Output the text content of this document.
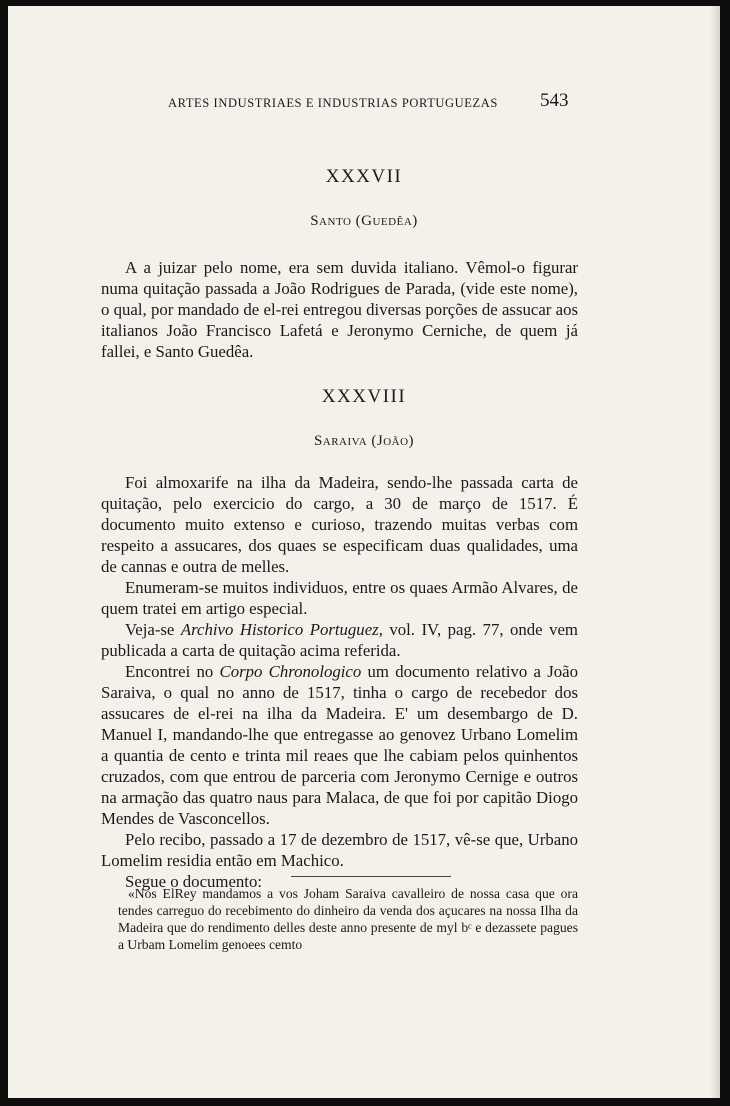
ARTES INDUSTRIAES E INDUSTRIAS PORTUGUEZAS 543
XXXVII
Santo (Guedêa)

A a juizar pelo nome, era sem duvida italiano. Vêmol-o figurar numa quitação passada a João Rodrigues de Parada, (vide este nome), o qual, por mandado de el-rei entregou diversas porções de assucar aos italianos João Francisco Lafetá e Jeronymo Cerniche, de quem já fallei, e Santo Guedêa.

XXXVIII
Saraiva (João)

Foi almoxarife na ilha da Madeira, sendo-lhe passada carta de quitação, pelo exercicio do cargo, a 30 de março de 1517. É documento muito extenso e curioso, trazendo muitas verbas com respeito a assucares, dos quaes se especificam duas qualidades, uma de cannas e outra de melles.

Enumeram-se muitos individuos, entre os quaes Armão Alvares, de quem tratei em artigo especial.

Veja-se Archivo Historico Portuguez, vol. IV, pag. 77, onde vem publicada a carta de quitação acima referida.

Encontrei no Corpo Chronologico um documento relativo a João Saraiva, o qual no anno de 1517, tinha o cargo de recebedor dos assucares de el-rei na ilha da Madeira. E' um desembargo de D. Manuel I, mandando-lhe que entregasse ao genovez Urbano Lomelim a quantia de cento e trinta mil reaes que lhe cabiam pelos quinhentos cruzados, com que entrou de parceria com Jeronymo Cernige e outros na armação das quatro naus para Malaca, de que foi por capitão Diogo Mendes de Vasconcellos.

Pelo recibo, passado a 17 de dezembro de 1517, vê-se que, Urbano Lomelim residia então em Machico.

Segue o documento:

«Nós ElRey mandamos a vos Joham Saraiva cavalleiro de nossa casa que ora tendes carreguo do recebimento do dinheiro da venda dos açucares na nossa Ilha da Madeira que do rendimento delles deste anno presente de myl bᶜ e dezassete pagues a Urbam Lomelim genoees cemto
